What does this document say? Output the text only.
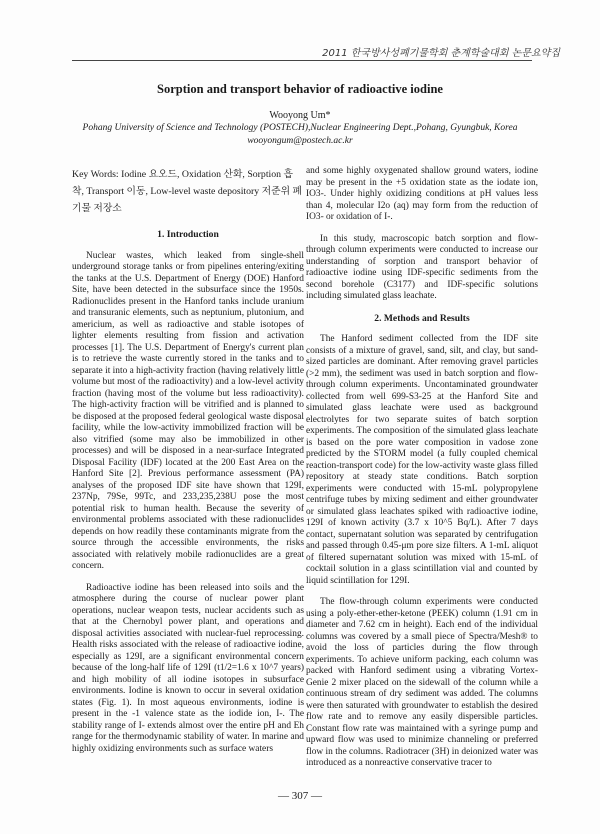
2011 한국방사성폐기물학회 춘계학술대회 논문요약집
Sorption and transport behavior of radioactive iodine
Wooyong Um*
Pohang University of Science and Technology (POSTECH),Nuclear Engineering Dept.,Pohang, Gyungbuk, Korea
wooyongum@postech.ac.kr
Key Words: Iodine 요오드, Oxidation 산화, Sorption 흡착, Transport 이동, Low-level waste depository 저준위 폐기물 저장소
1. Introduction

Nuclear wastes, which leaked from single-shell underground storage tanks or from pipelines entering/exiting the tanks at the U.S. Department of Energy (DOE) Hanford Site, have been detected in the subsurface since the 1950s. Radionuclides present in the Hanford tanks include uranium and transuranic elements, such as neptunium, plutonium, and americium, as well as radioactive and stable isotopes of lighter elements resulting from fission and activation processes [1]. The U.S. Department of Energy's current plan is to retrieve the waste currently stored in the tanks and to separate it into a high-activity fraction (having relatively little volume but most of the radioactivity) and a low-level activity fraction (having most of the volume but less radioactivity). The high-activity fraction will be vitrified and is planned to be disposed at the proposed federal geological waste disposal facility, while the low-activity immobilized fraction will be also vitrified (some may also be immobilized in other processes) and will be disposed in a near-surface Integrated Disposal Facility (IDF) located at the 200 East Area on the Hanford Site [2]. Previous performance assessment (PA) analyses of the proposed IDF site have shown that 129I, 237Np, 79Se, 99Tc, and 233,235,238U pose the most potential risk to human health. Because the severity of environmental problems associated with these radionuclides depends on how readily these contaminants migrate from the source through the accessible environments, the risks associated with relatively mobile radionuclides are a great concern.

Radioactive iodine has been released into soils and the atmosphere during the course of nuclear power plant operations, nuclear weapon tests, nuclear accidents such as that at the Chernobyl power plant, and operations and disposal activities associated with nuclear-fuel reprocessing. Health risks associated with the release of radioactive iodine, especially as 129I, are a significant environmental concern because of the long-half life of 129I (t1/2=1.6 x 10^7 years) and high mobility of all iodine isotopes in subsurface environments. Iodine is known to occur in several oxidation states (Fig. 1). In most aqueous environments, iodine is present in the -1 valence state as the iodide ion, I-. The stability range of I- extends almost over the entire pH and Eh range for the thermodynamic stability of water. In marine and highly oxidizing environments such as surface waters

and some highly oxygenated shallow ground waters, iodine may be present in the +5 oxidation state as the iodate ion, IO3-. Under highly oxidizing conditions at pH values less than 4, molecular I2o (aq) may form from the reduction of IO3- or oxidation of I-.

In this study, macroscopic batch sorption and flow-through column experiments were conducted to increase our understanding of sorption and transport behavior of radioactive iodine using IDF-specific sediments from the second borehole (C3177) and IDF-specific solutions including simulated glass leachate.

2. Methods and Results

The Hanford sediment collected from the IDF site consists of a mixture of gravel, sand, silt, and clay, but sand-sized particles are dominant. After removing gravel particles (>2 mm), the sediment was used in batch sorption and flow-through column experiments. Uncontaminated groundwater collected from well 699-S3-25 at the Hanford Site and simulated glass leachate were used as background electrolytes for two separate suites of batch sorption experiments. The composition of the simulated glass leachate is based on the pore water composition in vadose zone predicted by the STORM model (a fully coupled chemical reaction-transport code) for the low-activity waste glass filled repository at steady state conditions. Batch sorption experiments were conducted with 15-mL polypropylene centrifuge tubes by mixing sediment and either groundwater or simulated glass leachates spiked with radioactive iodine, 129I of known activity (3.7 x 10^5 Bq/L). After 7 days contact, supernatant solution was separated by centrifugation and passed through 0.45-μm pore size filters. A 1-mL aliquot of filtered supernatant solution was mixed with 15-mL of cocktail solution in a glass scintillation vial and counted by liquid scintillation for 129I.

The flow-through column experiments were conducted using a poly-ether-ether-ketone (PEEK) column (1.91 cm in diameter and 7.62 cm in height). Each end of the individual columns was covered by a small piece of Spectra/Mesh® to avoid the loss of particles during the flow through experiments. To achieve uniform packing, each column was packed with Hanford sediment using a vibrating Vortex-Genie 2 mixer placed on the sidewall of the column while a continuous stream of dry sediment was added. The columns were then saturated with groundwater to establish the desired flow rate and to remove any easily dispersible particles. Constant flow rate was maintained with a syringe pump and upward flow was used to minimize channeling or preferred flow in the columns. Radiotracer (3H) in deionized water was introduced as a nonreactive conservative tracer to

— 307 —
